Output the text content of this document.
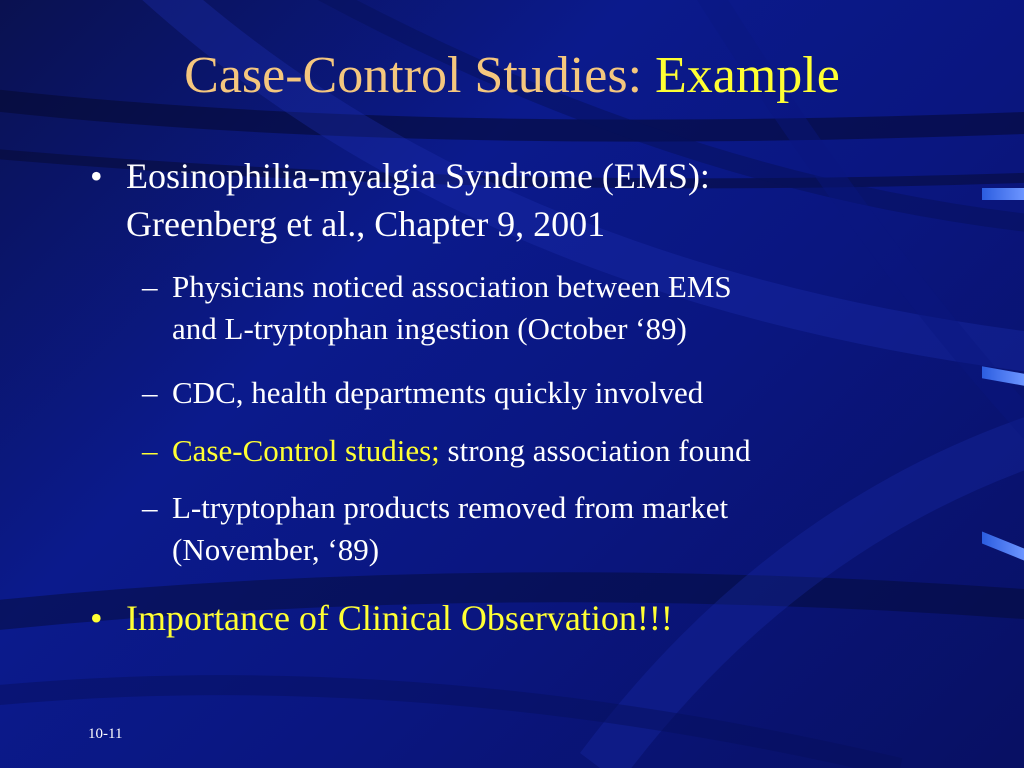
Case-Control Studies: Example
• Eosinophilia-myalgia Syndrome (EMS):
Greenberg et al., Chapter 9, 2001
– Physicians noticed association between EMS
and L-tryptophan ingestion (October ‘89)
– CDC, health departments quickly involved
– Case-Control studies; strong association found
– L-tryptophan products removed from market
(November, ‘89)
• Importance of Clinical Observation!!!
10-11
